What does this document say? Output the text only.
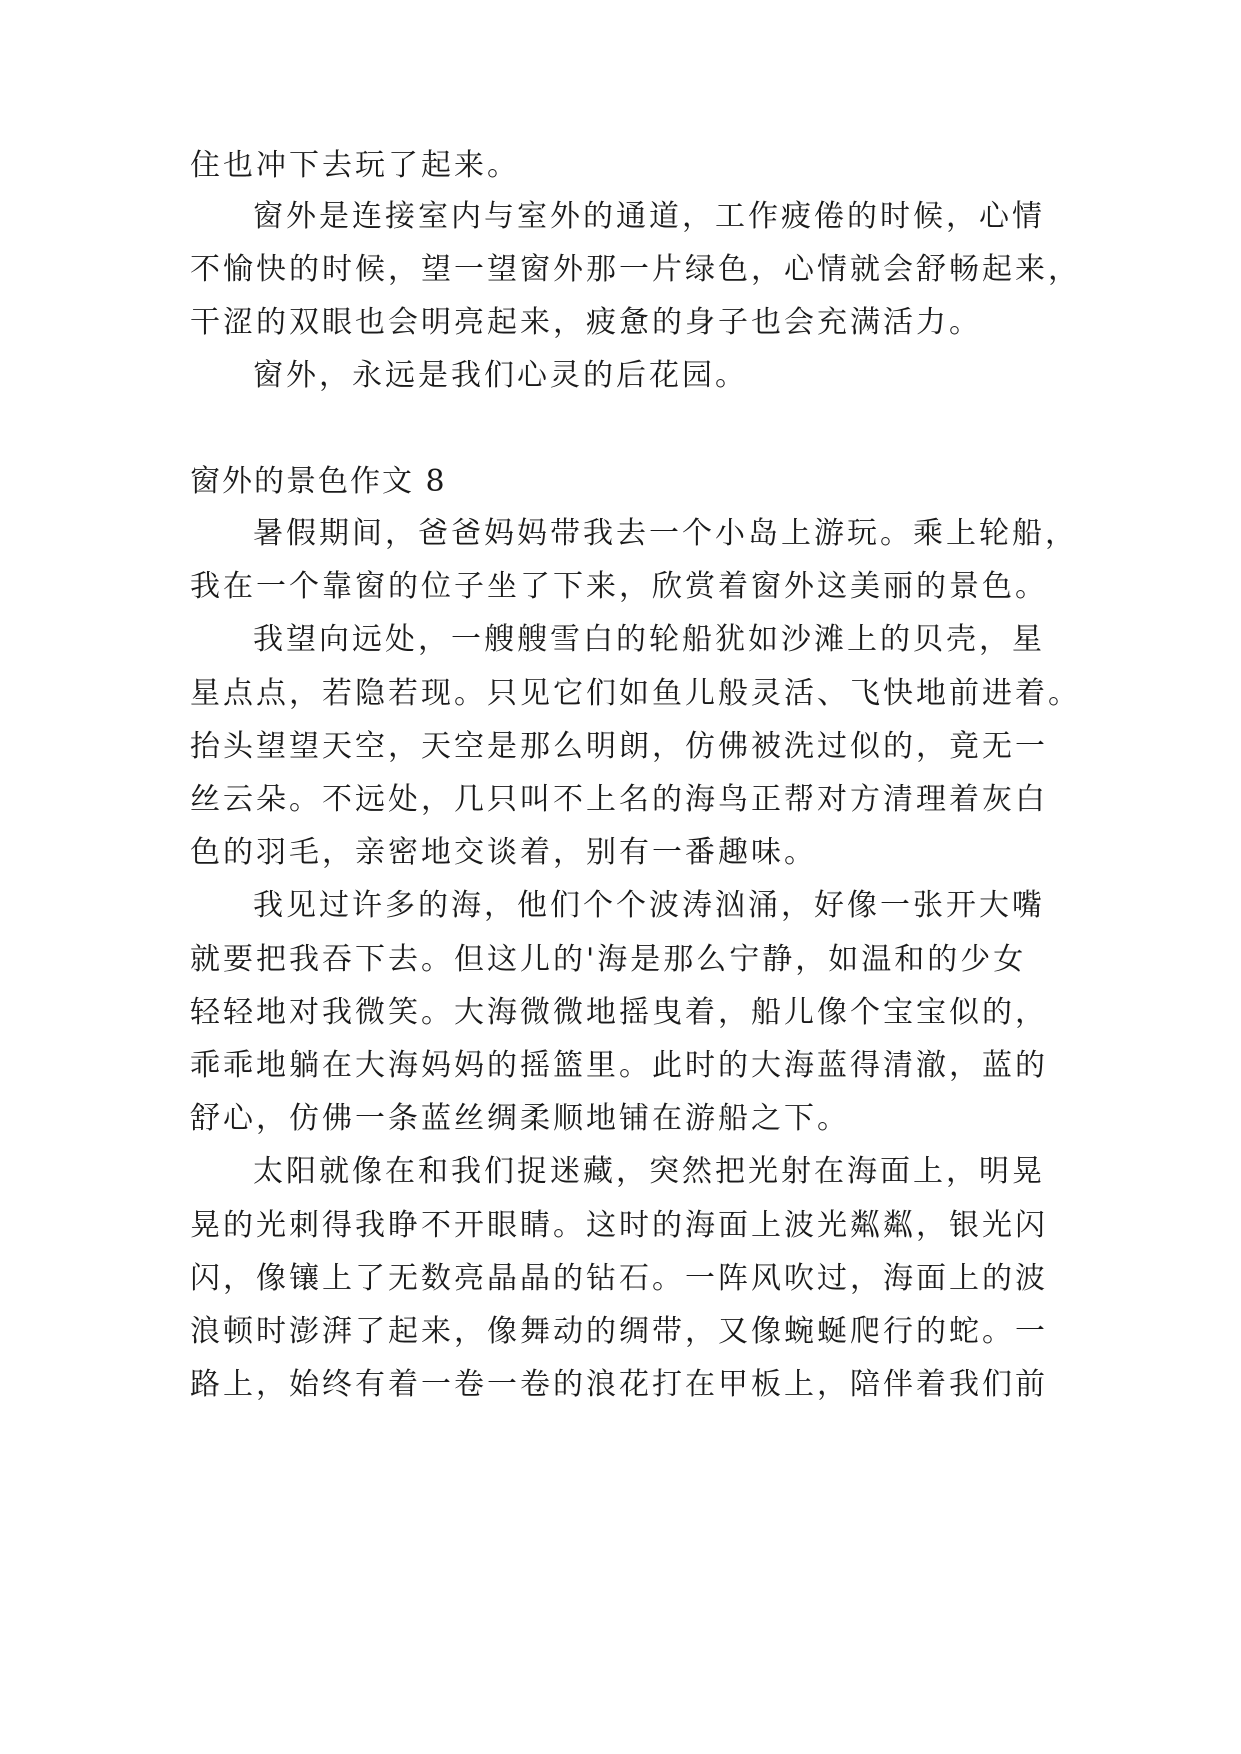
住也冲下去玩了起来。
窗外是连接室内与室外的通道，工作疲倦的时候，心情
不愉快的时候，望一望窗外那一片绿色，心情就会舒畅起来，
干涩的双眼也会明亮起来，疲惫的身子也会充满活力。
窗外，永远是我们心灵的后花园。
窗外的景色作文 8
暑假期间，爸爸妈妈带我去一个小岛上游玩。乘上轮船，
我在一个靠窗的位子坐了下来，欣赏着窗外这美丽的景色。
我望向远处，一艘艘雪白的轮船犹如沙滩上的贝壳，星
星点点，若隐若现。只见它们如鱼儿般灵活、飞快地前进着。
抬头望望天空，天空是那么明朗，仿佛被洗过似的，竟无一
丝云朵。不远处，几只叫不上名的海鸟正帮对方清理着灰白
色的羽毛，亲密地交谈着，别有一番趣味。
我见过许多的海，他们个个波涛汹涌，好像一张开大嘴
就要把我吞下去。但这儿的'海是那么宁静，如温和的少女
轻轻地对我微笑。大海微微地摇曳着，船儿像个宝宝似的，
乖乖地躺在大海妈妈的摇篮里。此时的大海蓝得清澈，蓝的
舒心，仿佛一条蓝丝绸柔顺地铺在游船之下。
太阳就像在和我们捉迷藏，突然把光射在海面上，明晃
晃的光刺得我睁不开眼睛。这时的海面上波光粼粼，银光闪
闪，像镶上了无数亮晶晶的钻石。一阵风吹过，海面上的波
浪顿时澎湃了起来，像舞动的绸带，又像蜿蜒爬行的蛇。一
路上，始终有着一卷一卷的浪花打在甲板上，陪伴着我们前
